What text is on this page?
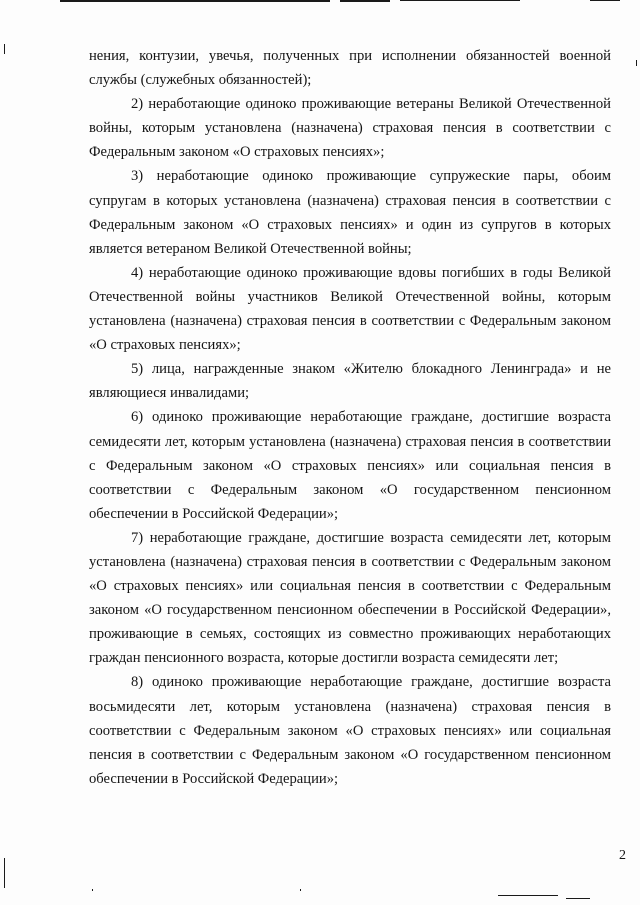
нения, контузии, увечья, полученных при исполнении обязанностей военной службы (служебных обязанностей);

2) неработающие одиноко проживающие ветераны Великой Отечественной войны, которым установлена (назначена) страховая пенсия в соответствии с Федеральным законом «О страховых пенсиях»;

3) неработающие одиноко проживающие супружеские пары, обоим супругам в которых установлена (назначена) страховая пенсия в соответствии с Федеральным законом «О страховых пенсиях» и один из супругов в которых является ветераном Великой Отечественной войны;

4) неработающие одиноко проживающие вдовы погибших в годы Великой Отечественной войны участников Великой Отечественной войны, которым установлена (назначена) страховая пенсия в соответствии с Федеральным законом «О страховых пенсиях»;

5) лица, награжденные знаком «Жителю блокадного Ленинграда» и не являющиеся инвалидами;

6) одиноко проживающие неработающие граждане, достигшие возраста семидесяти лет, которым установлена (назначена) страховая пенсия в соответствии с Федеральным законом «О страховых пенсиях» или социальная пенсия в соответствии с Федеральным законом «О государственном пенсионном обеспечении в Российской Федерации»;

7) неработающие граждане, достигшие возраста семидесяти лет, которым установлена (назначена) страховая пенсия в соответствии с Федеральным законом «О страховых пенсиях» или социальная пенсия в соответствии с Федеральным законом «О государственном пенсионном обеспечении в Российской Федерации», проживающие в семьях, состоящих из совместно проживающих неработающих граждан пенсионного возраста, которые достигли возраста семидесяти лет;

8) одиноко проживающие неработающие граждане, достигшие возраста восьмидесяти лет, которым установлена (назначена) страховая пенсия в соответствии с Федеральным законом «О страховых пенсиях» или социальная пенсия в соответствии с Федеральным законом «О государственном пенсионном обеспечении в Российской Федерации»;

2
